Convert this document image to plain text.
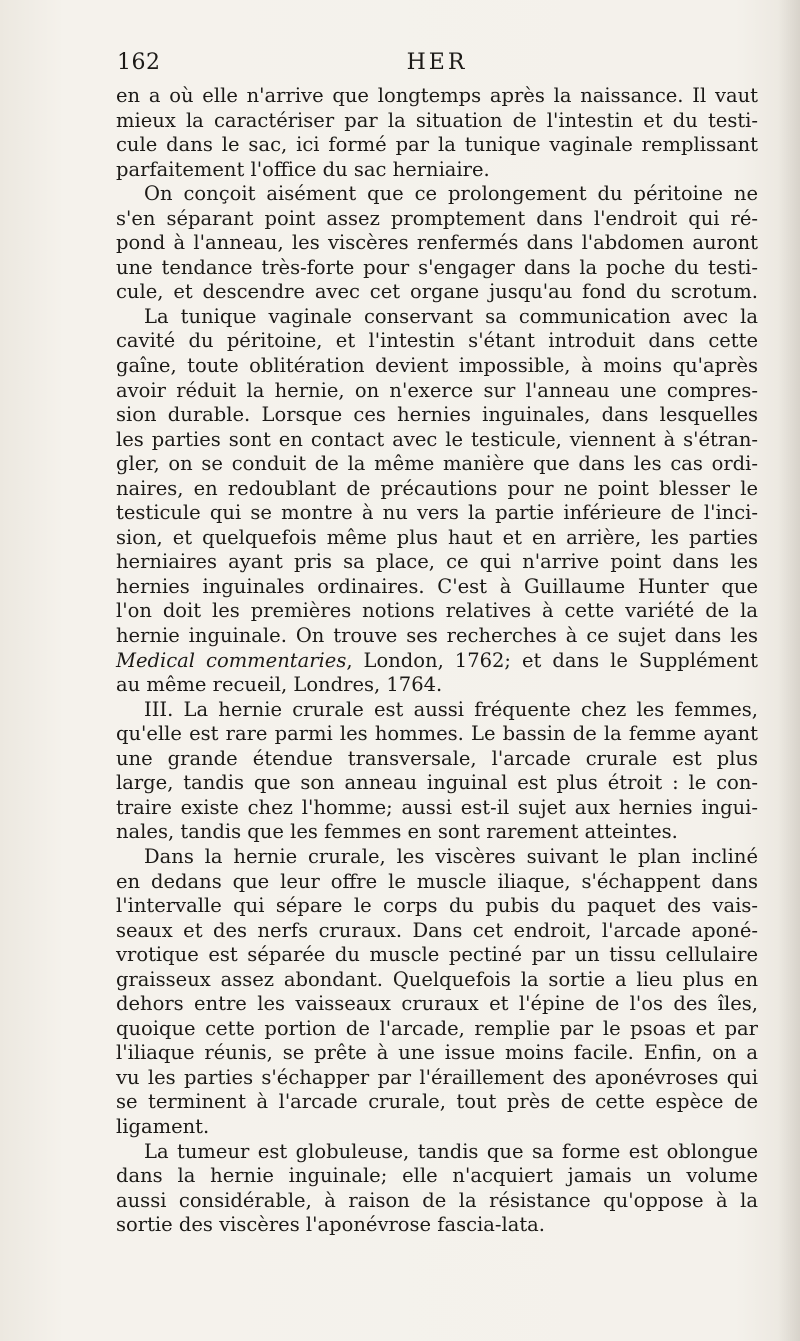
162	HER
en a où elle n'arrive que longtemps après la naissance. Il vaut
mieux la caractériser par la situation de l'intestin et du testi-
cule dans le sac, ici formé par la tunique vaginale remplissant
parfaitement l'office du sac herniaire.
On conçoit aisément que ce prolongement du péritoine ne
s'en séparant point assez promptement dans l'endroit qui ré-
pond à l'anneau, les viscères renfermés dans l'abdomen auront
une tendance très-forte pour s'engager dans la poche du testi-
cule, et descendre avec cet organe jusqu'au fond du scrotum.
La tunique vaginale conservant sa communication avec la
cavité du péritoine, et l'intestin s'étant introduit dans cette
gaîne, toute oblitération devient impossible, à moins qu'après
avoir réduit la hernie, on n'exerce sur l'anneau une compres-
sion durable. Lorsque ces hernies inguinales, dans lesquelles
les parties sont en contact avec le testicule, viennent à s'étran-
gler, on se conduit de la même manière que dans les cas ordi-
naires, en redoublant de précautions pour ne point blesser le
testicule qui se montre à nu vers la partie inférieure de l'inci-
sion, et quelquefois même plus haut et en arrière, les parties
herniaires ayant pris sa place, ce qui n'arrive point dans les
hernies inguinales ordinaires. C'est à Guillaume Hunter que
l'on doit les premières notions relatives à cette variété de la
hernie inguinale. On trouve ses recherches à ce sujet dans les
Medical commentaries, London, 1762; et dans le Supplément
au même recueil, Londres, 1764.
III. La hernie crurale est aussi fréquente chez les femmes,
qu'elle est rare parmi les hommes. Le bassin de la femme ayant
une grande étendue transversale, l'arcade crurale est plus
large, tandis que son anneau inguinal est plus étroit : le con-
traire existe chez l'homme; aussi est-il sujet aux hernies ingui-
nales, tandis que les femmes en sont rarement atteintes.
Dans la hernie crurale, les viscères suivant le plan incliné
en dedans que leur offre le muscle iliaque, s'échappent dans
l'intervalle qui sépare le corps du pubis du paquet des vais-
seaux et des nerfs cruraux. Dans cet endroit, l'arcade aponé-
vrotique est séparée du muscle pectiné par un tissu cellulaire
graisseux assez abondant. Quelquefois la sortie a lieu plus en
dehors entre les vaisseaux cruraux et l'épine de l'os des îles,
quoique cette portion de l'arcade, remplie par le psoas et par
l'iliaque réunis, se prête à une issue moins facile. Enfin, on a
vu les parties s'échapper par l'éraillement des aponévroses qui
se terminent à l'arcade crurale, tout près de cette espèce de
ligament.
La tumeur est globuleuse, tandis que sa forme est oblongue
dans la hernie inguinale; elle n'acquiert jamais un volume
aussi considérable, à raison de la résistance qu'oppose à la
sortie des viscères l'aponévrose fascia-lata.
